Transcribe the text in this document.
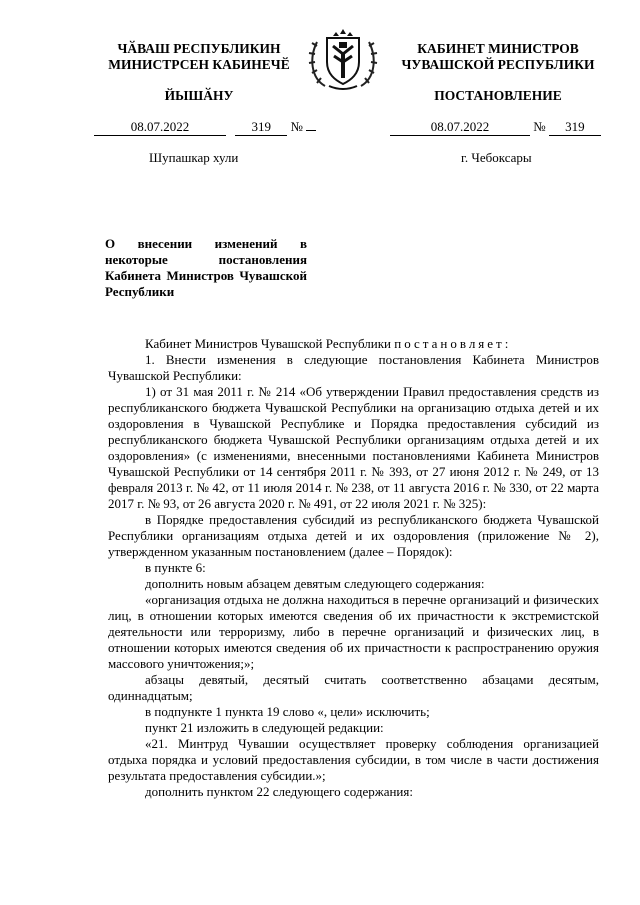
ЧӐВАШ РЕСПУБЛИКИН
МИНИСТРСЕН КАБИНЕЧӖ
ЙЫШӐНУ
КАБИНЕТ МИНИСТРОВ
ЧУВАШСКОЙ РЕСПУБЛИКИ
ПОСТАНОВЛЕНИЕ
08.07.2022	319 №	08.07.2022	№ 319
Шупашкар хули	г. Чебоксары
О внесении изменений в некоторые постановления Кабинета Министров Чувашской Республики

Кабинет Министров Чувашской Республики постановляет:

1. Внести изменения в следующие постановления Кабинета Министров Чувашской Республики:

1) от 31 мая 2011 г. № 214 «Об утверждении Правил предоставления средств из республиканского бюджета Чувашской Республики на организацию отдыха детей и их оздоровления в Чувашской Республике и Порядка предоставления субсидий из республиканского бюджета Чувашской Республики организациям отдыха детей и их оздоровления» (с изменениями, внесенными постановлениями Кабинета Министров Чувашской Республики от 14 сентября 2011 г. № 393, от 27 июня 2012 г. № 249, от 13 февраля 2013 г. № 42, от 11 июля 2014 г. № 238, от 11 августа 2016 г. № 330, от 22 марта 2017 г. № 93, от 26 августа 2020 г. № 491, от 22 июля 2021 г. № 325):

в Порядке предоставления субсидий из республиканского бюджета Чувашской Республики организациям отдыха детей и их оздоровления (приложение № 2), утвержденном указанным постановлением (далее – Порядок):

в пункте 6:

дополнить новым абзацем девятым следующего содержания:

«организация отдыха не должна находиться в перечне организаций и физических лиц, в отношении которых имеются сведения об их причастности к экстремистской деятельности или терроризму, либо в перечне организаций и физических лиц, в отношении которых имеются сведения об их причастности к распространению оружия массового уничтожения;»;

абзацы девятый, десятый считать соответственно абзацами десятым, одиннадцатым;

в подпункте 1 пункта 19 слово «, цели» исключить;

пункт 21 изложить в следующей редакции:

«21. Минтруд Чувашии осуществляет проверку соблюдения организацией отдыха порядка и условий предоставления субсидии, в том числе в части достижения результата предоставления субсидии.»;

дополнить пунктом 22 следующего содержания:
